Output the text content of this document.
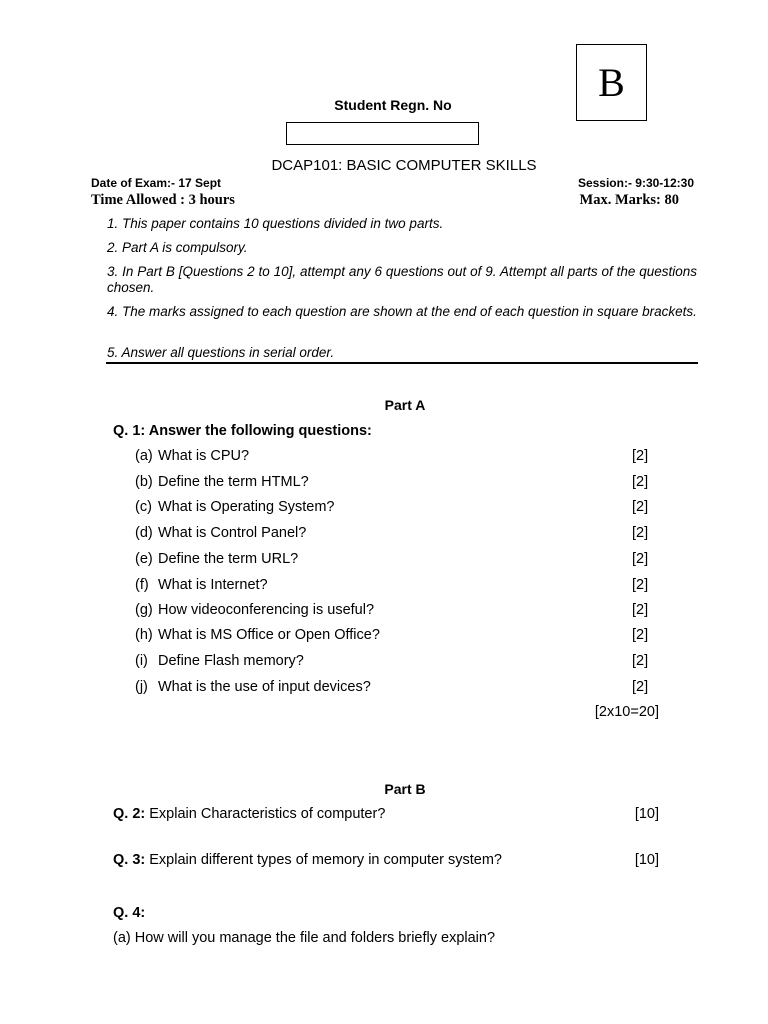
B
Student Regn. No
DCAP101: BASIC COMPUTER SKILLS
Date of Exam:- 17 Sept	Session:- 9:30-12:30
Time Allowed : 3 hours	Max. Marks: 80
1. This paper contains 10 questions divided in two parts.
2. Part A is compulsory.
3. In Part B [Questions 2 to 10], attempt any 6 questions out of 9. Attempt all parts of the questions chosen.
4. The marks assigned to each question are shown at the end of each question in square brackets.
5. Answer all questions in serial order.
Part A
Q. 1: Answer the following questions:
(a) What is CPU?	[2]
(b) Define the term HTML?	[2]
(c) What is Operating System?	[2]
(d) What is Control Panel?	[2]
(e) Define the term URL?	[2]
(f) What is Internet?	[2]
(g) How videoconferencing is useful?	[2]
(h) What is MS Office or Open Office?	[2]
(i) Define Flash memory?	[2]
(j) What is the use of input devices?	[2]
[2x10=20]
Part B
Q. 2: Explain Characteristics of computer?	[10]
Q. 3: Explain different types of memory in computer system?	[10]
Q. 4:
(a) How will you manage the file and folders briefly explain?
